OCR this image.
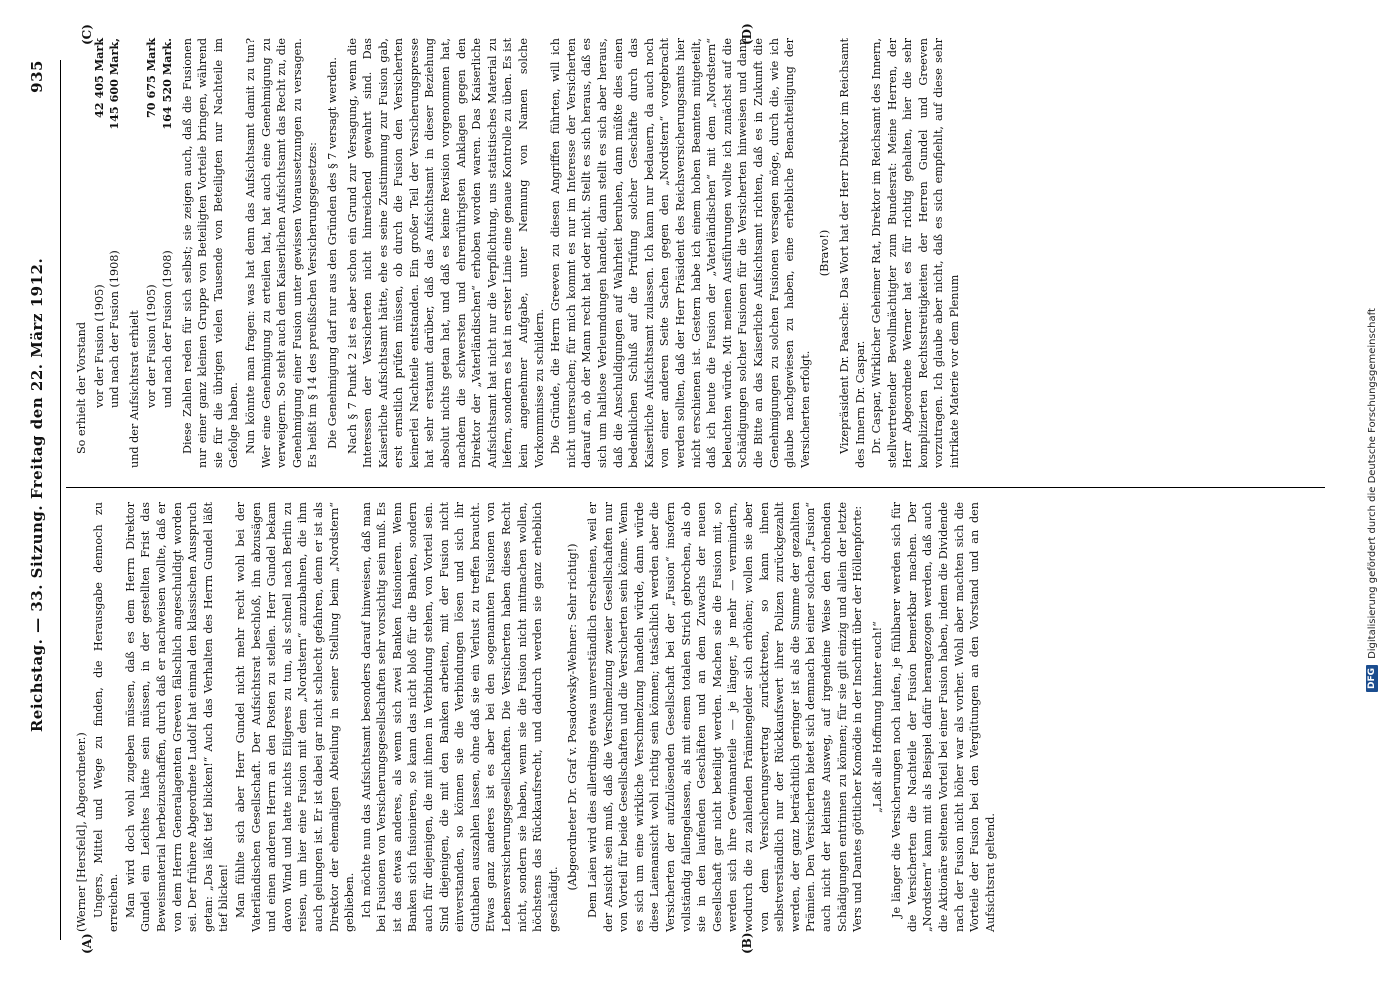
Reichstag. — 33. Sitzung. Freitag den 22. März 1912.
935
(A)	(B)
(C)	(D)

(Werner [Hersfeld], Abgeordneter.) Ungers, Mittel und Wege zu finden, die Herausgabe dennoch zu erreichen. Man wird doch wohl zugeben müssen, daß es dem Herrn Direktor Gundel ein Leichtes hätte sein müssen, in der gestellten Frist das Beweismaterial herbeizuschaffen, durch daß er nachweisen wollte, daß er von dem Herrn Generalagenten Greeven fälschlich angeschuldigt worden sei. Der frühere Abgeordnete Ludolf hat einmal den klassischen Ausspruch getan: „Das läßt tief blicken!“ Auch das Verhalten des Herrn Gundel läßt tief blicken! Man fühlte sich aber Herr Gundel nicht mehr recht wohl bei der Vaterländischen Gesellschaft. Der Aufsichtsrat beschloß, ihn abzusägen und einen anderen Herrn an den Posten zu stellen. Herr Gundel bekam davon Wind und hatte nichts Eiligeres zu tun, als schnell nach Berlin zu reisen, um hier eine Fusion mit dem „Nordstern“ anzubahnen, die ihm auch gelungen ist. Er ist dabei gar nicht schlecht gefahren, denn er ist als Direktor der ehemaligen Abteilung in seiner Stellung beim „Nordstern“ geblieben. Ich möchte nun das Aufsichtsamt besonders darauf hinweisen, daß man bei Fusionen von Versicherungsgesellschaften sehr vorsichtig sein muß. Es ist das etwas anderes, als wenn sich zwei Banken fusionieren. Wenn Banken sich fusionieren, so kann das nicht bloß für die Banken, sondern auch für diejenigen, die mit ihnen in Verbindung stehen, von Vorteil sein. Sind diejenigen, die mit den Banken arbeiten, mit der Fusion nicht einverstanden, so können sie die Verbindungen lösen und sich ihr Guthaben auszahlen lassen, ohne daß sie ein Verlust zu treffen braucht. Etwas ganz anderes ist es aber bei den sogenannten Fusionen von Lebensversicherungsgesellschaften. Die Versicherten haben dieses Recht nicht, sondern sie haben, wenn sie die Fusion nicht mitmachen wollen, höchstens das Rückkaufsrecht, und dadurch werden sie ganz erheblich geschädigt.

(Abgeordneter Dr. Graf v. Posadowsky-Wehner: Sehr richtig!) Dem Laien wird dies allerdings etwas unverständlich erscheinen, weil er der Ansicht sein muß, daß die Verschmelzung zweier Gesellschaften nur von Vorteil für beide Gesellschaften und die Versicherten sein könne. Wenn es sich um eine wirkliche Verschmelzung handeln würde, dann würde diese Laienansicht wohl richtig sein können; tatsächlich werden aber die Versicherten der aufzulösenden Gesellschaft bei der „Fusion“ insofern vollständig fallengelassen, als mit einem totalen Strich gebrochen, als ob sie in den laufenden Geschäften und an dem Zuwachs der neuen Gesellschaft gar nicht beteiligt werden. Machen sie die Fusion mit, so werden sich ihre Gewinnanteile — je länger, je mehr — vermindern, wodurch die zu zahlenden Prämiengelder sich erhöhen; wollen sie aber von dem Versicherungsvertrag zurücktreten, so kann ihnen selbstverständlich nur der Rückkaufswert ihrer Polizen zurückgezahlt werden, der ganz beträchtlich geringer ist als die Summe der gezahlten Prämien. Den Versicherten bietet sich demnach bei einer solchen „Fusion“ auch nicht der kleinste Ausweg, auf irgendeine Weise den drohenden Schädigungen entrinnen zu können; für sie gilt einzig und allein der letzte Vers und Dantes göttlicher Komödie in der Inschrift über der Höllenpforte: „Laßt alle Hoffnung hinter euch!“ Je länger die Versicherungen noch laufen, je fühlbarer werden sich für die Versicherten die Nachteile der Fusion bemerkbar machen. Der „Nordstern“ kann mit als Beispiel dafür herangezogen werden, daß auch die Aktionäre seltenen Vorteil bei einer Fusion haben, indem die Dividende nach der Fusion nicht höher war als vorher. Wohl aber machten sich die Vorteile der Fusion bei den Vergütungen an den Vorstand und an den Aufsichtsrat geltend.

So erhielt der Vorstand vor der Fusion (1905)	42 405 Mark
und nach der Fusion (1908)	145 600 Mark,

und der Aufsichtsrat erhielt vor der Fusion (1905)	70 675 Mark
und nach der Fusion (1908)	164 520 Mark. Diese Zahlen reden für sich selbst; sie zeigen auch, daß die Fusionen nur einer ganz kleinen Gruppe von Beteiligten Vorteile bringen, während sie für die übrigen vielen Tausende von Beteiligten nur Nachteile im Gefolge haben. Nun könnte man fragen: was hat denn das Aufsichtsamt damit zu tun? Wer eine Genehmigung zu erteilen hat, hat auch eine Genehmigung zu verweigern. So steht auch dem Kaiserlichen Aufsichtsamt das Recht zu, die Genehmigung einer Fusion unter gewissen Voraussetzungen zu versagen. Es heißt im § 14 des preußischen Versicherungsgesetzes: Die Genehmigung darf nur aus den Gründen des § 7 versagt werden. Nach § 7 Punkt 2 ist es aber schon ein Grund zur Versagung, wenn die Interessen der Versicherten nicht hinreichend gewahrt sind. Das Kaiserliche Aufsichtsamt hätte, ehe es seine Zustimmung zur Fusion gab, erst ernstlich prüfen müssen, ob durch die Fusion den Versicherten keinerlei Nachteile entstanden. Ein großer Teil der Versicherungspresse hat sehr erstaunt darüber, daß das Aufsichtsamt in dieser Beziehung absolut nichts getan hat, und daß es keine Revision vorgenommen hat, nachdem die schwersten und ehrenrührigsten Anklagen gegen den Direktor der „Vaterländischen“ erhoben worden waren. Das Kaiserliche Aufsichtsamt hat nicht nur die Verpflichtung, uns statistisches Material zu liefern, sondern es hat in erster Linie eine genaue Kontrolle zu üben. Es ist kein angenehmer Aufgabe, unter Nennung von Namen solche Vorkommnisse zu schildern. Die Gründe, die Herrn Greeven zu diesen Angriffen führten, will ich nicht untersuchen; für mich kommt es nur im Interesse der Versicherten darauf an, ob der Mann recht hat oder nicht. Stellt es sich heraus, daß es sich um haltlose Verleumdungen handelt, dann stellt es sich aber heraus, daß die Anschuldigungen auf Wahrheit beruhen, dann müßte dies einen bedenklichen Schluß auf die Prüfung solcher Geschäfte durch das Kaiserliche Aufsichtsamt zulassen. Ich kann nur bedauern, da auch noch von einer anderen Seite Sachen gegen den „Nordstern“ vorgebracht werden sollten, daß der Herr Präsident des Reichsversicherungsamts hier nicht erschienen ist. Gestern habe ich einem hohen Beamten mitgeteilt, daß ich heute die Fusion der „Vaterländischen“ mit dem „Nordstern“ beleuchten würde. Mit meinen Ausführungen wollte ich zunächst auf die Schädigungen solcher Fusionen für die Versicherten hinweisen und dann die Bitte an das Kaiserliche Aufsichtsamt richten, daß es in Zukunft die Genehmigungen zu solchen Fusionen versagen möge, durch die, wie ich glaube nachgewiesen zu haben, eine erhebliche Benachteiligung der Versicherten erfolgt.

(Bravo!) Vizepräsident Dr. Paasche: Das Wort hat der Herr Direktor im Reichsamt des Innern Dr. Caspar. Dr. Caspar, Wirklicher Geheimer Rat, Direktor im Reichsamt des Innern, stellvertretender Bevollmächtigter zum Bundesrat: Meine Herren, der Herr Abgeordnete Werner hat es für richtig gehalten, hier die sehr komplizierten Rechtsstreitigkeiten der Herren Gundel und Greeven vorzutragen. Ich glaube aber nicht, daß es sich empfiehlt, auf diese sehr intrikate Materie vor dem Plenum

DFG
Digitalisierung gefördert durch die Deutsche Forschungsgemeinschaft
